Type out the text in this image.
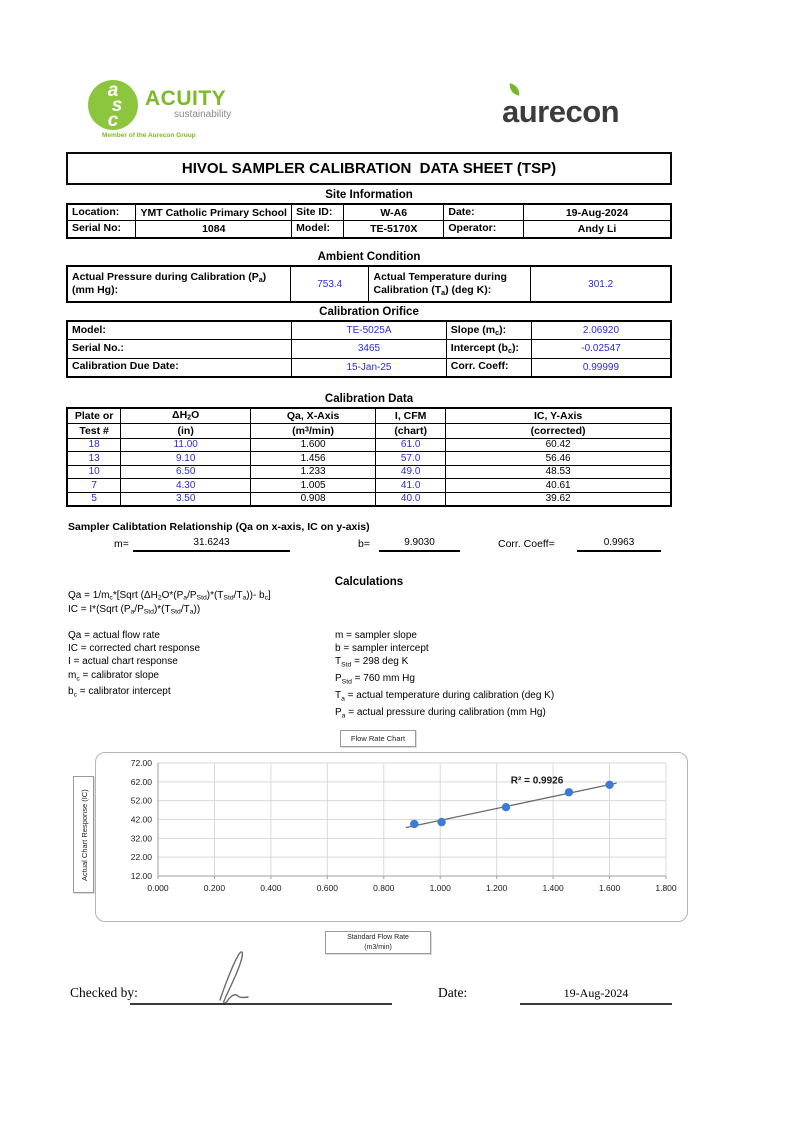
a
s
c
ACUITY
sustainability
Member of the Aurecon Group
aurecon
HIVOL SAMPLER CALIBRATION  DATA SHEET (TSP)
Site Information
Location:	YMT Catholic Primary School	Site ID:	W-A6	Date:	19-Aug-2024
Serial No:	1084	Model:	TE-5170X	Operator:	Andy Li
Ambient Condition
Actual Pressure during Calibration $(P_a)$ (mm Hg):	753.4	Actual Temperature during Calibration $(T_a)$ (deg K):	301.2
Calibration Orifice
Model:	TE-5025A	Slope $(m_c)$:	2.06920
Serial No.:	3465	Intercept $(b_c)$:	-0.02547
Calibration Due Date:	15-Jan-25	Corr. Coeff:	0.99999
Calibration Data
Plate or	$\Delta H_2O$	Qa, X-Axis	I, CFM	IC, Y-Axis
Test #	(in)	$(m^3/\min)$	(chart)	(corrected)
18	11.00	1.600	61.0	60.42
13	9.10	1.456	57.0	56.46
10	6.50	1.233	49.0	48.53
7	4.30	1.005	41.0	40.61
5	3.50	0.908	40.0	39.62
Sampler Calibtation Relationship (Qa on x-axis, IC on y-axis)
m=	31.6243	b=	9.9030	Corr. Coeff=	0.9963
Calculations
$Qa = 1/m_c*[Sqrt$ $(\Delta H_2O*(P_a/P_{Std})*(T_{Std}/T_a))-$ $b_c$]
IC = I*(Sqrt $(P_a/P_{Std})*(T_{Std}/T_a)$)
Qa = actual flow rate
IC = corrected chart response
I = actual chart response
$m_c$ = calibrator slope
$b_c$ = calibrator intercept
m = sampler slope
b = sampler intercept
$T_{Std} = 298$ deg K
$P_{Std} = 760$ mm Hg
$T_a$ = actual temperature during calibration (deg K)
$P_a$ = actual pressure during calibration (mm Hg)
Flow Rate Chart
0.000	0.200	0.400	0.600	0.800	1.000	1.200	1.400	1.600	1.800
12.00
22.00
32.00
42.00
52.00
62.00
72.00
R² = 0.9926
Actual Chart Response (IC)
Standard Flow Rate
(m3/min)
Checked by:	Date:	19-Aug-2024
